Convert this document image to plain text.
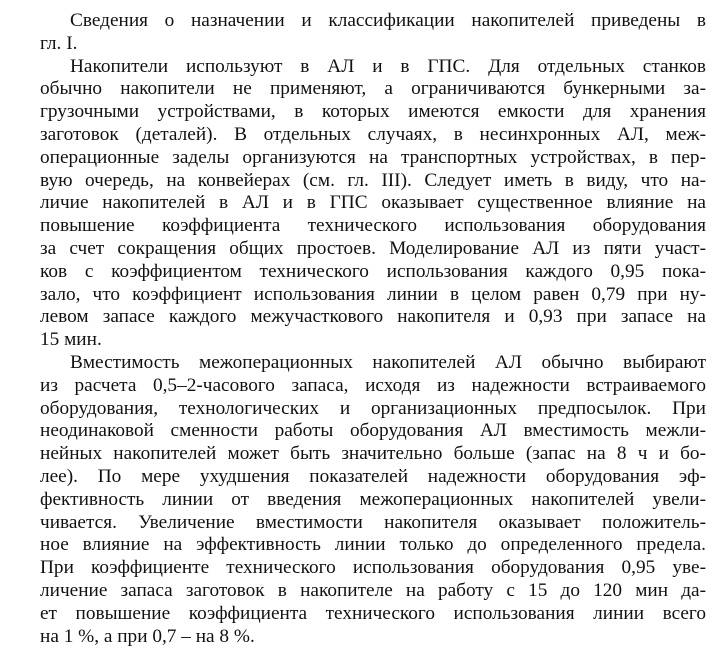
Сведения о назначении и классификации накопителей приведены в
гл. I.
Накопители используют в АЛ и в ГПС. Для отдельных станков
обычно накопители не применяют, а ограничиваются бункерными за-
грузочными устройствами, в которых имеются емкости для хранения
заготовок (деталей). В отдельных случаях, в несинхронных АЛ, меж-
операционные заделы организуются на транспортных устройствах, в пер-
вую очередь, на конвейерах (см. гл. III). Следует иметь в виду, что на-
личие накопителей в АЛ и в ГПС оказывает существенное влияние на
повышение коэффициента технического использования оборудования
за счет сокращения общих простоев. Моделирование АЛ из пяти участ-
ков с коэффициентом технического использования каждого 0,95 пока-
зало, что коэффициент использования линии в целом равен 0,79 при ну-
левом запасе каждого межучасткового накопителя и 0,93 при запасе на
15 мин.
Вместимость межоперационных накопителей АЛ обычно выбирают
из расчета 0,5–2-часового запаса, исходя из надежности встраиваемого
оборудования, технологических и организационных предпосылок. При
неодинаковой сменности работы оборудования АЛ вместимость межли-
нейных накопителей может быть значительно больше (запас на 8 ч и бо-
лее). По мере ухудшения показателей надежности оборудования эф-
фективность линии от введения межоперационных накопителей увели-
чивается. Увеличение вместимости накопителя оказывает положитель-
ное влияние на эффективность линии только до определенного предела.
При коэффициенте технического использования оборудования 0,95 уве-
личение запаса заготовок в накопителе на работу с 15 до 120 мин да-
ет повышение коэффициента технического использования линии всего
на 1 %, а при 0,7 – на 8 %.
